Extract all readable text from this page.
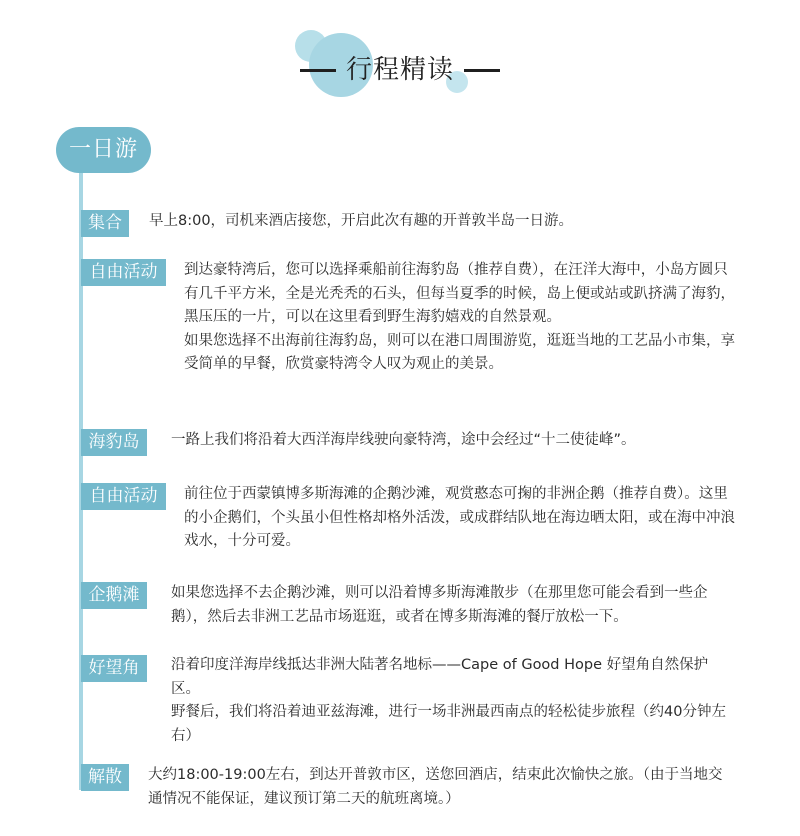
行程精读
一日游
集合	早上8:00，司机来酒店接您，开启此次有趣的开普敦半岛一日游。

自由活动	到达豪特湾后，您可以选择乘船前往海豹岛（推荐自费），在汪洋大海中，小岛方圆只有几千平方米，全是光秃秃的石头，但每当夏季的时候，岛上便或站或趴挤满了海豹，黑压压的一片，可以在这里看到野生海豹嬉戏的自然景观。

如果您选择不出海前往海豹岛，则可以在港口周围游览，逛逛当地的工艺品小市集，享受简单的早餐，欣赏豪特湾令人叹为观止的美景。

海豹岛	一路上我们将沿着大西洋海岸线驶向豪特湾，途中会经过“十二使徒峰”。

自由活动	前往位于西蒙镇博多斯海滩的企鹅沙滩，观赏憨态可掬的非洲企鹅（推荐自费）。这里的小企鹅们，个头虽小但性格却格外活泼，或成群结队地在海边晒太阳，或在海中冲浪戏水，十分可爱。

企鹅滩	如果您选择不去企鹅沙滩，则可以沿着博多斯海滩散步（在那里您可能会看到一些企鹅），然后去非洲工艺品市场逛逛，或者在博多斯海滩的餐厅放松一下。

好望角	沿着印度洋海岸线抵达非洲大陆著名地标——Cape of Good Hope 好望角自然保护区。

野餐后，我们将沿着迪亚兹海滩，进行一场非洲最西南点的轻松徒步旅程（约40分钟左右）

解散	大约18:00-19:00左右，到达开普敦市区，送您回酒店，结束此次愉快之旅。（由于当地交通情况不能保证，建议预订第二天的航班离境。）
